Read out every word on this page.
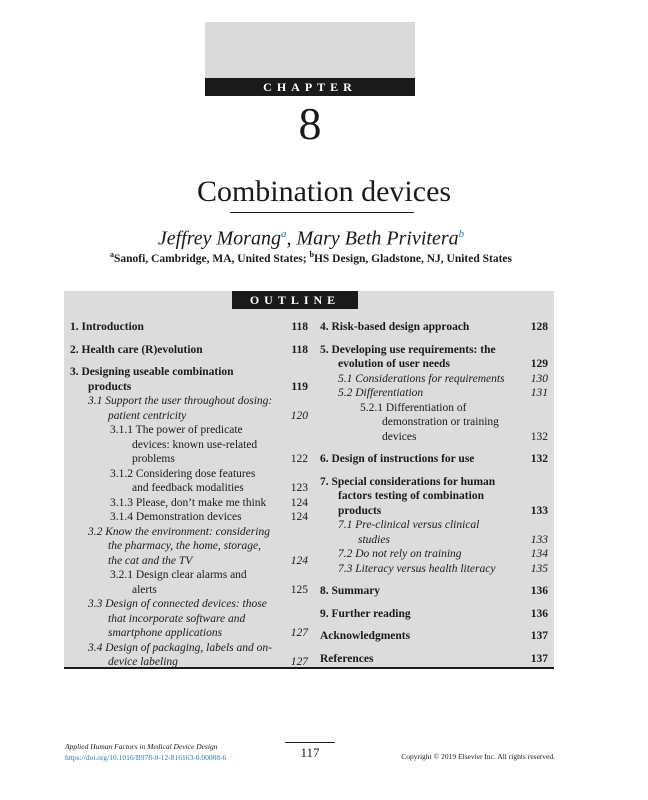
CHAPTER
8
Combination devices
Jeffrey Morang$^a$, Mary Beth Privitera$^b$
$^a$Sanofi, Cambridge, MA, United States; $^b$HS Design, Gladstone, NJ, United States
OUTLINE
1. Introduction	118
2. Health care (R)evolution	118
3. Designing useable combination products	119
3.1 Support the user throughout dosing: patient centricity	120
3.1.1 The power of predicate devices: known use-related problems	122
3.1.2 Considering dose features and feedback modalities	123
3.1.3 Please, don’t make me think	124
3.1.4 Demonstration devices	124
3.2 Know the environment: considering the pharmacy, the home, storage, the cat and the TV	124
3.2.1 Design clear alarms and alerts	125
3.3 Design of connected devices: those that incorporate software and smartphone applications	127
3.4 Design of packaging, labels and on-device labeling	127
4. Risk-based design approach	128
5. Developing use requirements: the evolution of user needs	129
5.1 Considerations for requirements	130
5.2 Differentiation	131
5.2.1 Differentiation of demonstration or training devices	132
6. Design of instructions for use	132
7. Special considerations for human factors testing of combination products	133
7.1 Pre-clinical versus clinical studies	133
7.2 Do not rely on training	134
7.3 Literacy versus health literacy	135
8. Summary	136
9. Further reading	136
Acknowledgments	137
References	137
Applied Human Factors in Medical Device Design
https://doi.org/10.1016/B978-0-12-816163-0.00008-6	117	Copyright © 2019 Elsevier Inc. All rights reserved.
